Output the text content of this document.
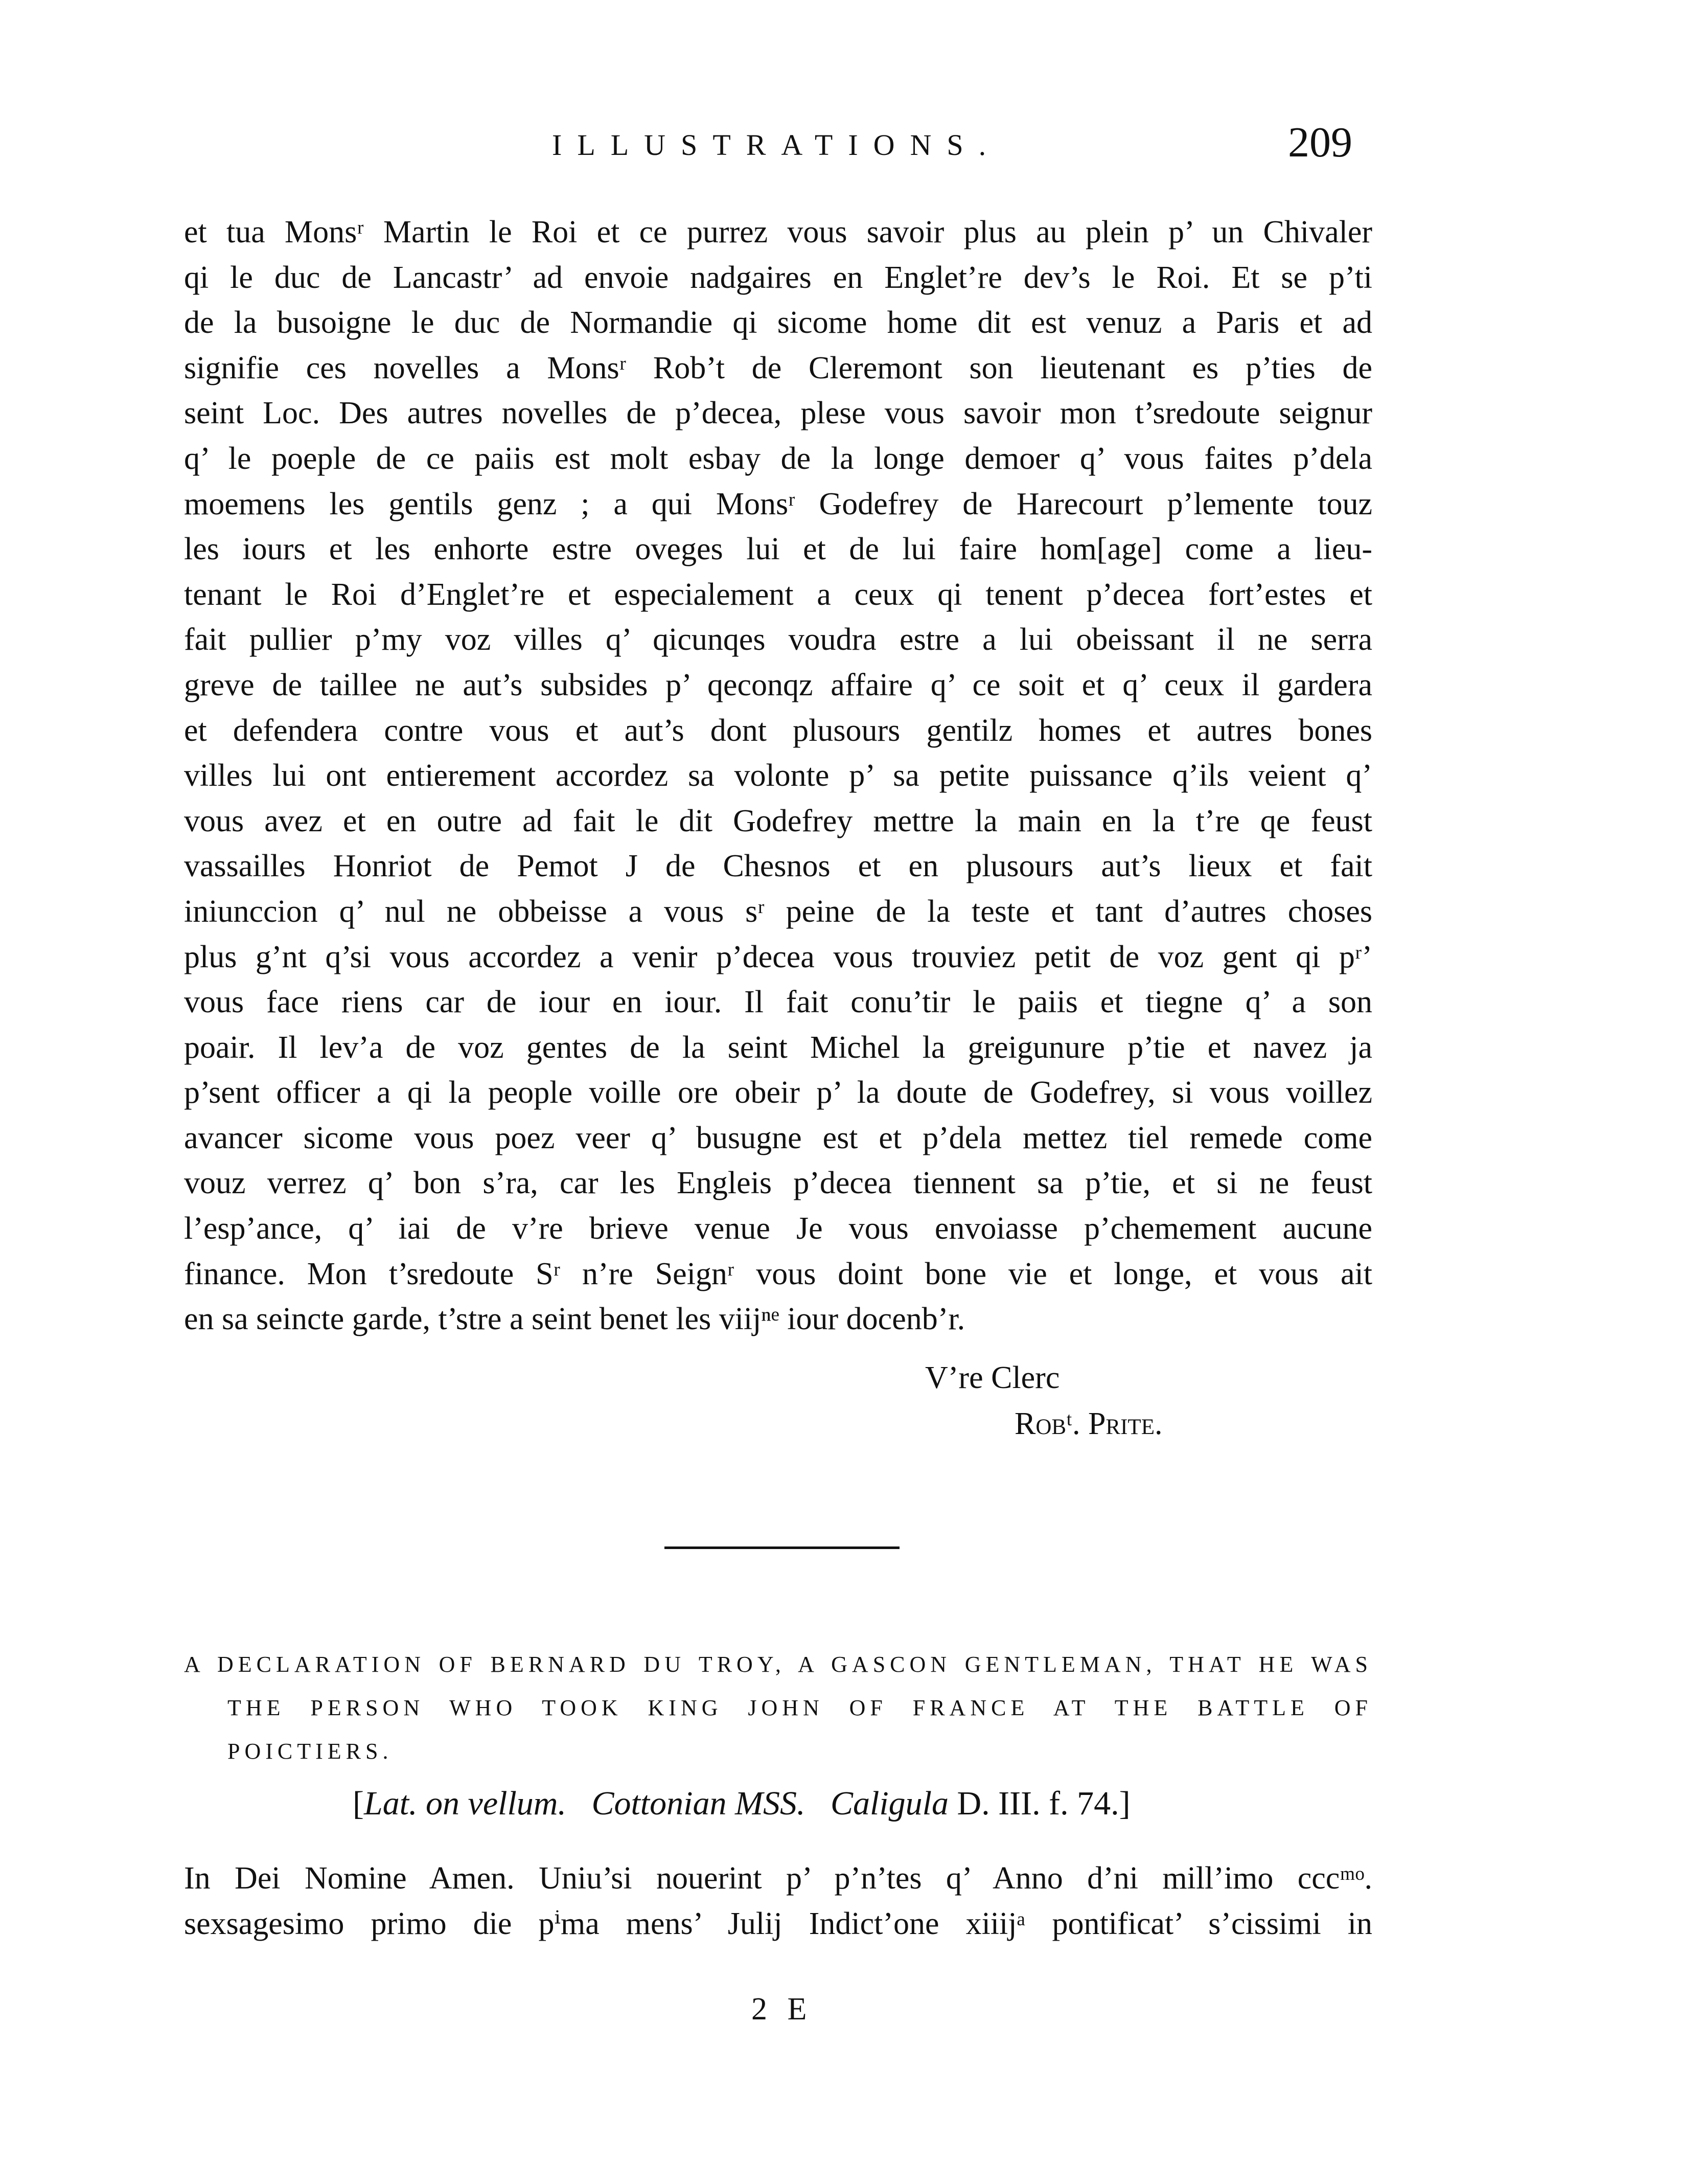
ILLUSTRATIONS.	209
et tua Monsʳ Martin le Roi et ce purrez vous savoir plus au plein p’ un Chivaler
qi le duc de Lancastr’ ad envoie nadgaires en Englet’re dev’s le Roi. Et se p’ti
de la busoigne le duc de Normandie qi sicome home dit est venuz a Paris et ad
signifie ces novelles a Monsʳ Rob’t de Cleremont son lieutenant es p’ties de
seint Loc. Des autres novelles de p’decea, plese vous savoir mon t’sredoute seignur
q’ le poeple de ce paiis est molt esbay de la longe demoer q’ vous faites p’dela
moemens les gentils genz ; a qui Monsʳ Godefrey de Harecourt p’lemente touz
les iours et les enhorte estre oveges lui et de lui faire hom[age] come a lieu-
tenant le Roi d’Englet’re et especialement a ceux qi tenent p’decea fort’estes et
fait pullier p’my voz villes q’ qicunqes voudra estre a lui obeissant il ne serra
greve de taillee ne aut’s subsides p’ qeconqz affaire q’ ce soit et q’ ceux il gardera
et defendera contre vous et aut’s dont plusours gentilz homes et autres bones
villes lui ont entierement accordez sa volonte p’ sa petite puissance q’ils veient q’
vous avez et en outre ad fait le dit Godefrey mettre la main en la t’re qe feust
vassailles Honriot de Pemot J de Chesnos et en plusours aut’s lieux et fait
iniunccion q’ nul ne obbeisse a vous sʳ peine de la teste et tant d’autres choses
plus g’nt q’si vous accordez a venir p’decea vous trouviez petit de voz gent qi pʳ’
vous face riens car de iour en iour. Il fait conu’tir le paiis et tiegne q’ a son
poair. Il lev’a de voz gentes de la seint Michel la greigunure p’tie et navez ja
p’sent officer a qi la people voille ore obeir p’ la doute de Godefrey, si vous voillez
avancer sicome vous poez veer q’ busugne est et p’dela mettez tiel remede come
vouz verrez q’ bon s’ra, car les Engleis p’decea tiennent sa p’tie, et si ne feust
l’esp’ance, q’ iai de v’re brieve venue Je vous envoiasse p’chemement aucune
finance. Mon t’sredoute Sʳ n’re Seignʳ vous doint bone vie et longe, et vous ait
en sa seincte garde, t’stre a seint benet les viijⁿᵉ iour docenb’r.
V’re Clerc
Robᵗ. Prite.
A DECLARATION OF BERNARD DU TROY, A GASCON GENTLEMAN, THAT HE WAS
THE PERSON WHO TOOK KING JOHN OF FRANCE AT THE BATTLE OF
POICTIERS.
[Lat. on vellum. Cottonian MSS. Caligula D. III. f. 74.]
In Dei Nomine Amen. Uniu’si nouerint p’ p’n’tes q’ Anno d’ni mill’imo cccᵐᵒ.
sexsagesimo primo die pⁱma mens’ Julij Indict’one xiiijᵃ pontificat’ s’cissimi in
2 E
